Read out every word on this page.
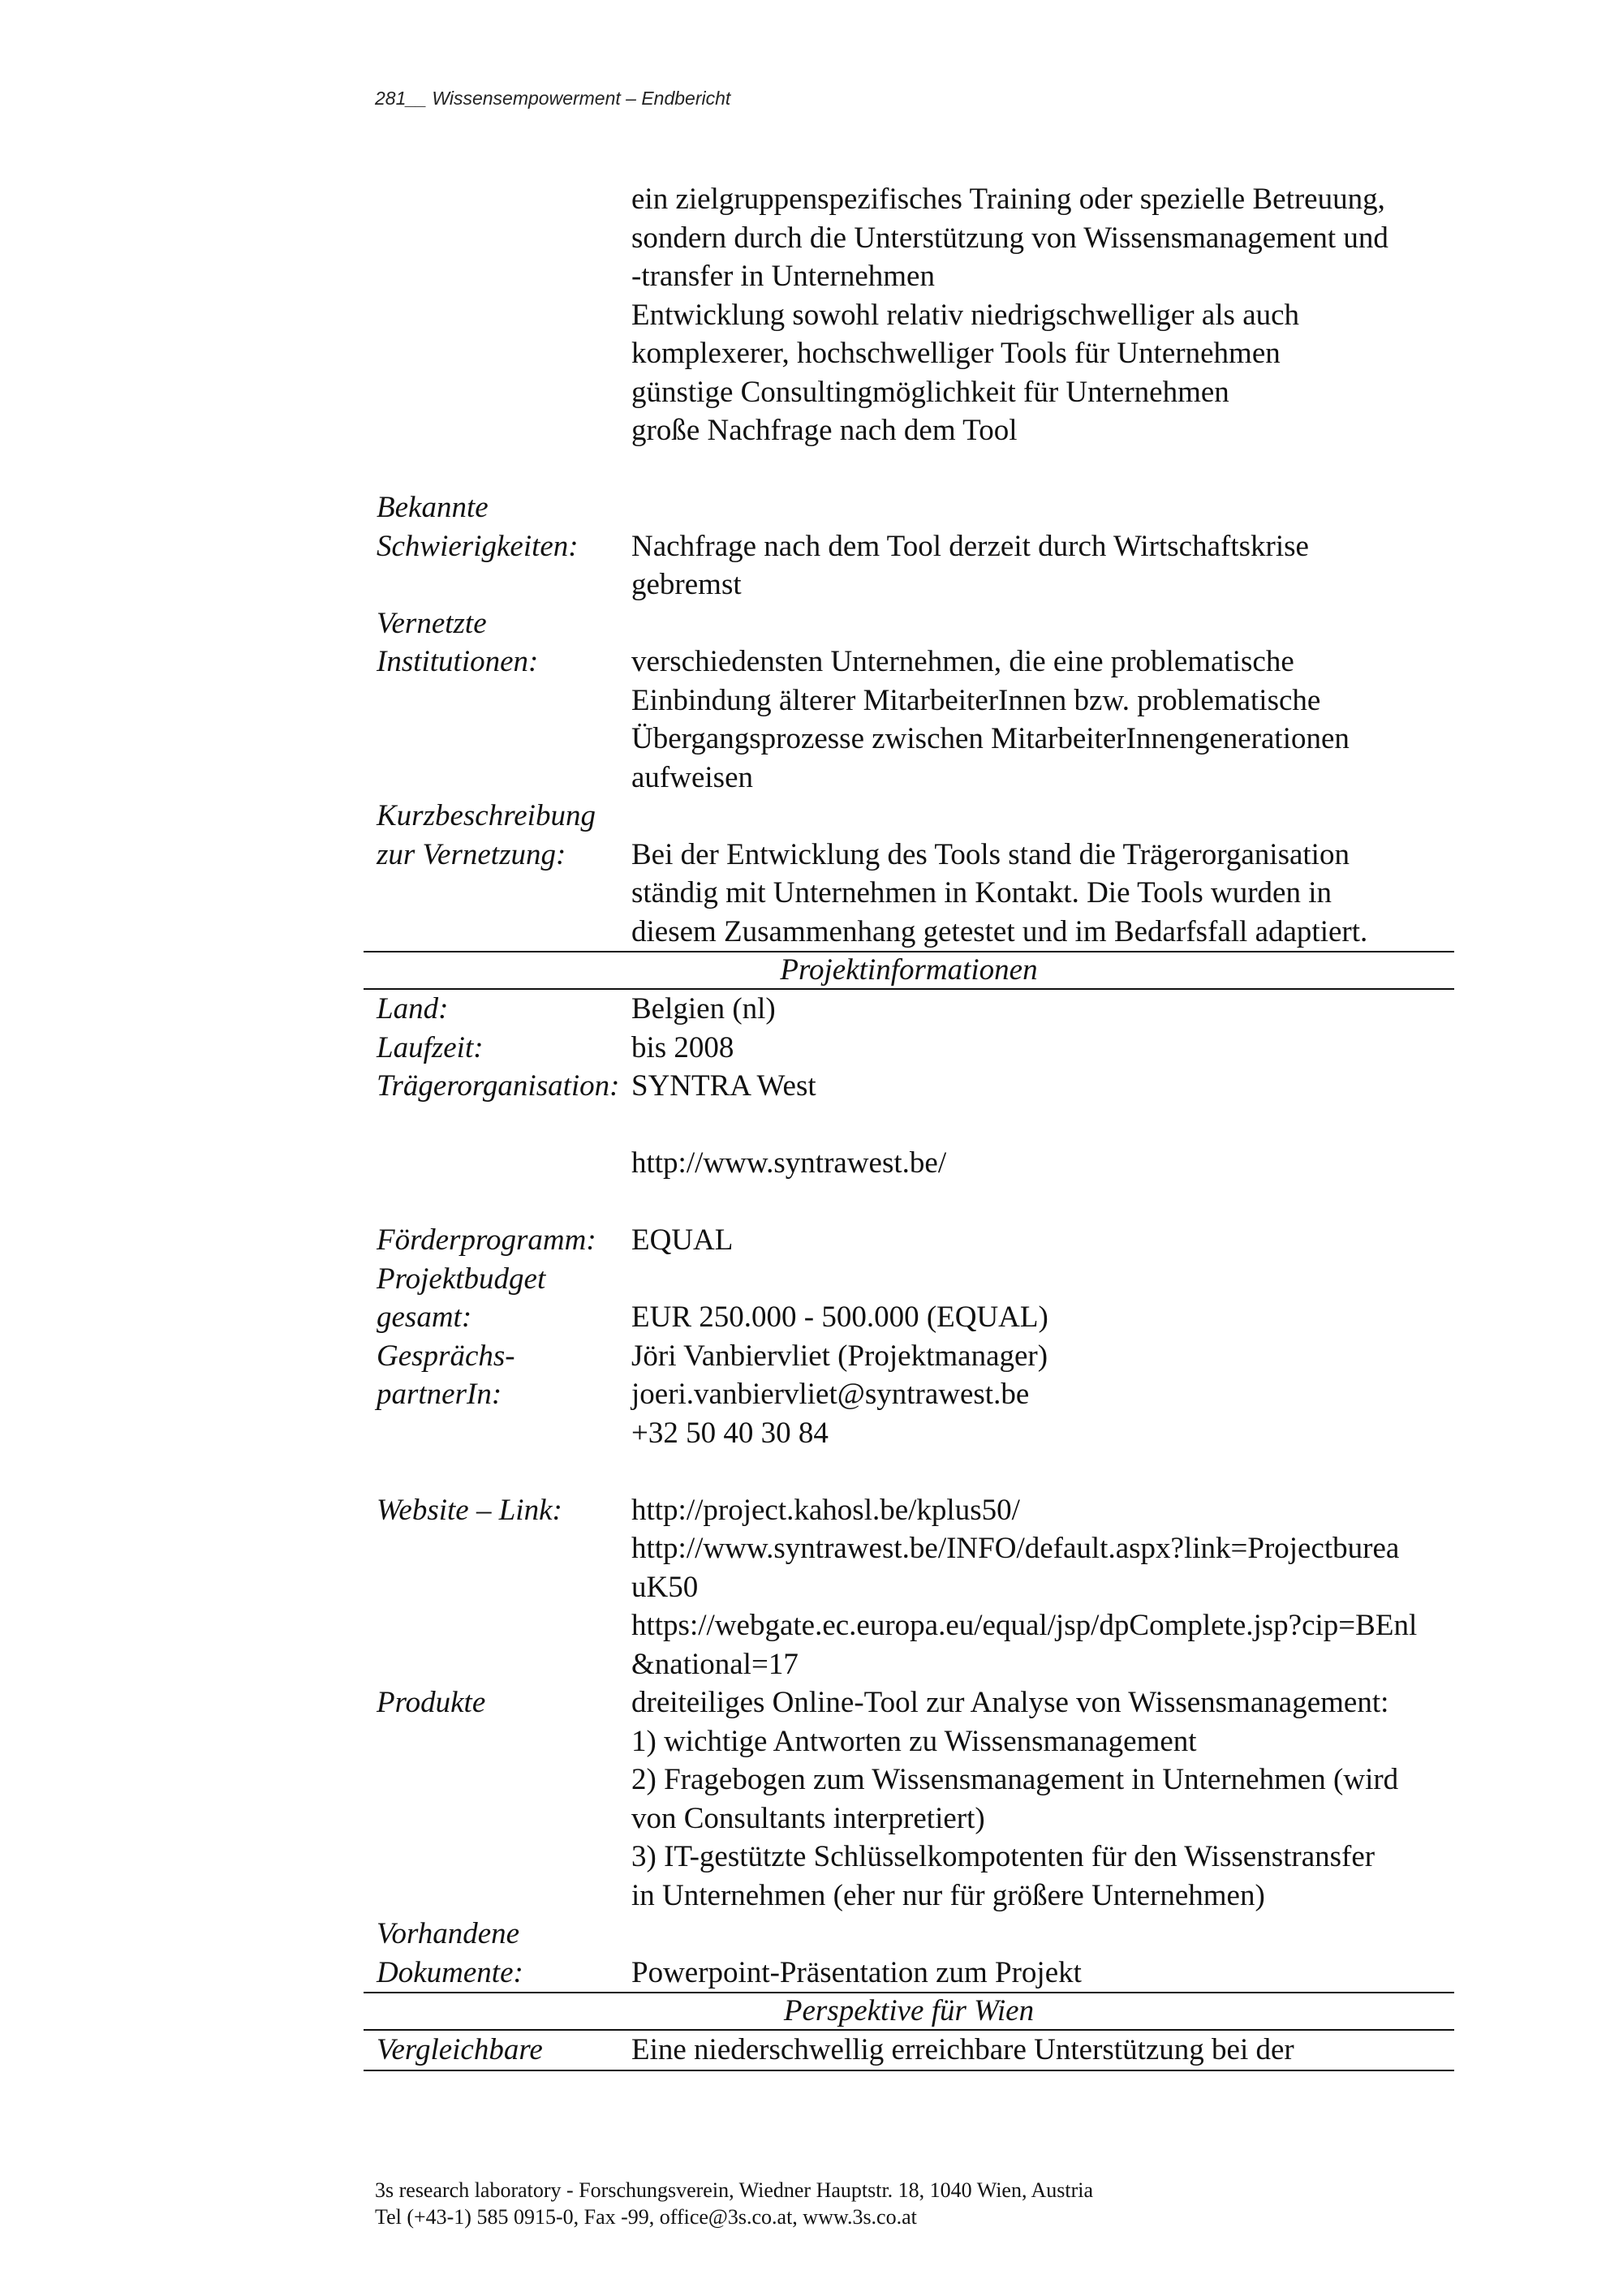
281__ Wissensempowerment – Endbericht
ein zielgruppenspezifisches Training oder spezielle Betreuung,
sondern durch die Unterstützung von Wissensmanagement und
-transfer in Unternehmen
Entwicklung sowohl relativ niedrigschwelliger als auch
komplexerer, hochschwelliger Tools für Unternehmen
günstige Consultingmöglichkeit für Unternehmen
große Nachfrage nach dem Tool
Bekannte
Schwierigkeiten:
	Nachfrage nach dem Tool derzeit durch Wirtschaftskrise
gebremst
Vernetzte
Institutionen:
	verschiedensten Unternehmen, die eine problematische
Einbindung älterer MitarbeiterInnen bzw. problematische
Übergangsprozesse zwischen MitarbeiterInnengenerationen
aufweisen
Kurzbeschreibung
zur Vernetzung:
	Bei der Entwicklung des Tools stand die Trägerorganisation
ständig mit Unternehmen in Kontakt. Die Tools wurden in
diesem Zusammenhang getestet und im Bedarfsfall adaptiert.
Projektinformationen
Land:	Belgien (nl)
Laufzeit:	bis 2008
Trägerorganisation: SYNTRA West

http://www.syntrawest.be/
Förderprogramm:	EQUAL
Projektbudget
gesamt:	EUR 250.000 - 500.000 (EQUAL)
Gesprächs-
partnerIn:
Jöri Vanbiervliet (Projektmanager)
joeri.vanbiervliet@syntrawest.be
+32 50 40 30 84
Website – Link:	http://project.kahosl.be/kplus50/
http://www.syntrawest.be/INFO/default.aspx?link=Projectburea
uK50
https://webgate.ec.europa.eu/equal/jsp/dpComplete.jsp?cip=BEnl
&national=17
Produkte	dreiteiliges Online-Tool zur Analyse von Wissensmanagement:
1) wichtige Antworten zu Wissensmanagement
2) Fragebogen zum Wissensmanagement in Unternehmen (wird
von Consultants interpretiert)
3) IT-gestützte Schlüsselkompotenten für den Wissenstransfer
in Unternehmen (eher nur für größere Unternehmen)
Vorhandene
Dokumente:	Powerpoint-Präsentation zum Projekt
Perspektive für Wien
Vergleichbare	Eine niederschwellig erreichbare Unterstützung bei der
3s research laboratory - Forschungsverein, Wiedner Hauptstr. 18, 1040 Wien, Austria
Tel (+43-1) 585 0915-0, Fax -99, office@3s.co.at, www.3s.co.at
